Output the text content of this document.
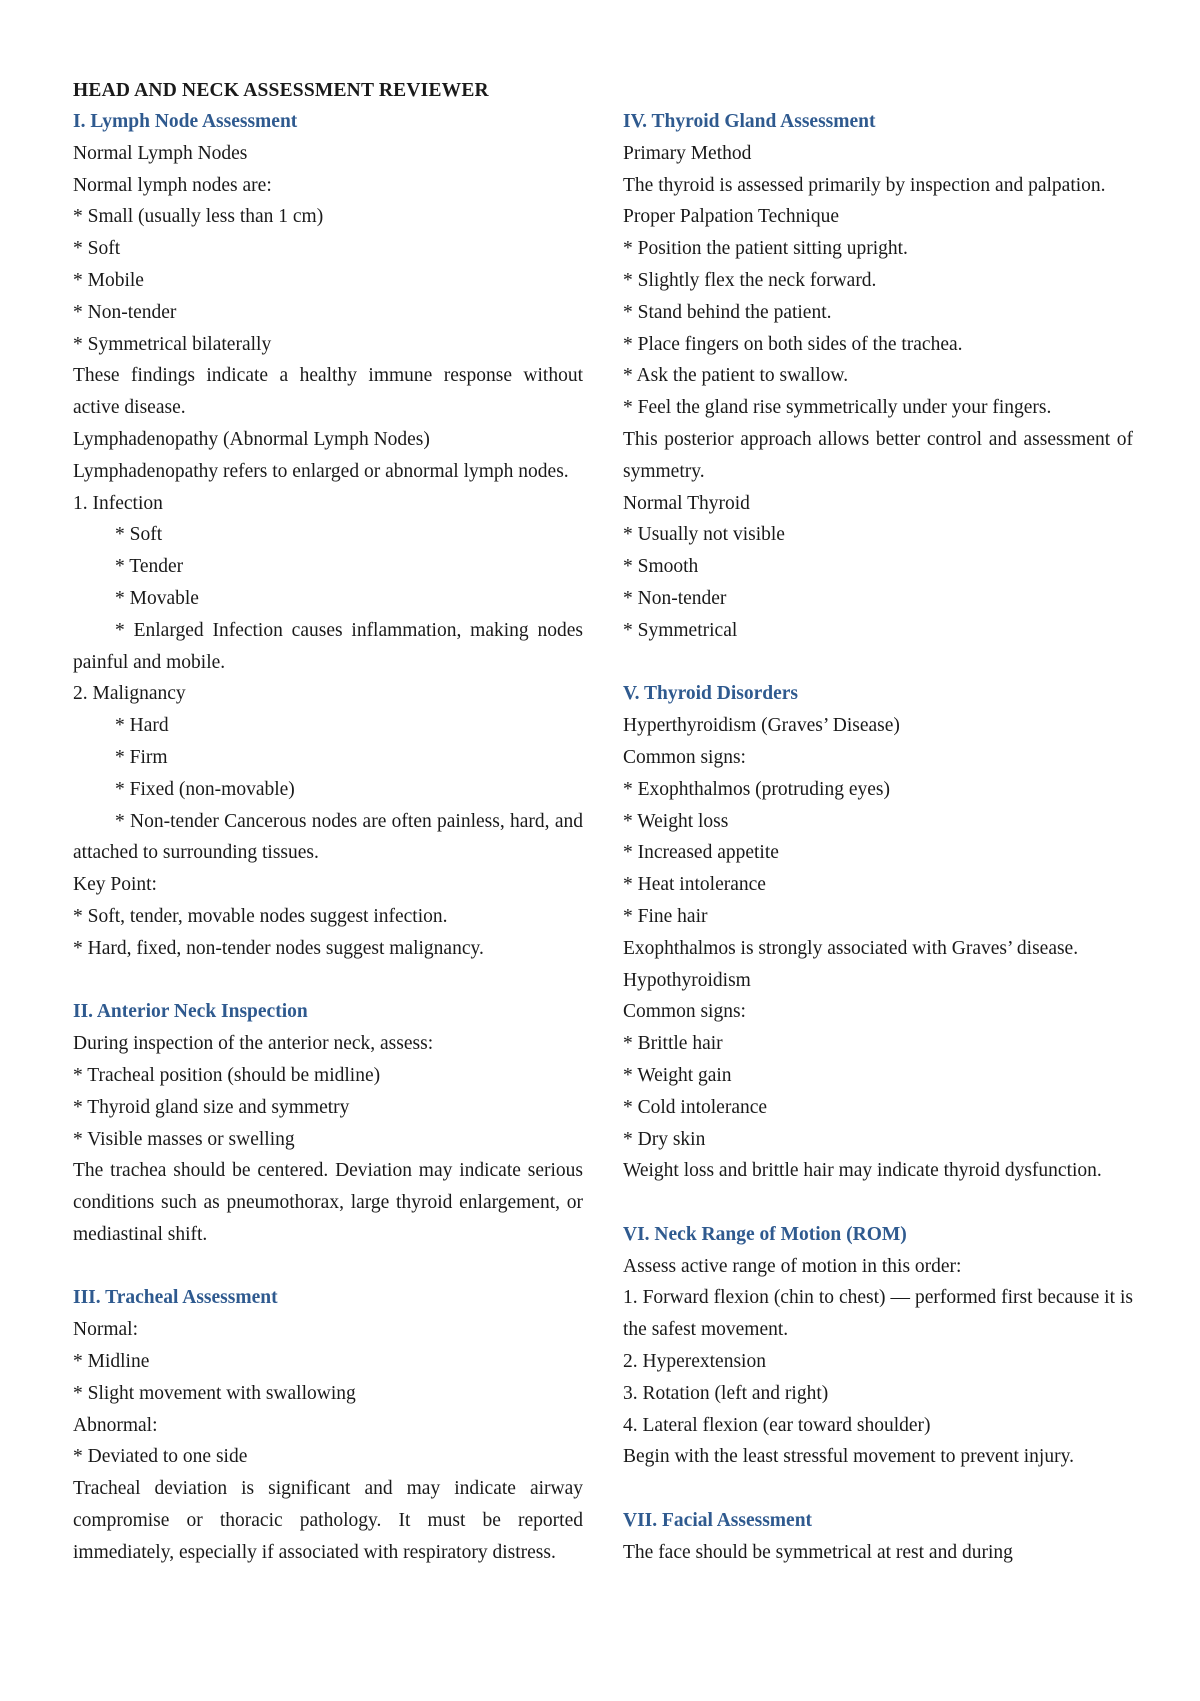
HEAD AND NECK ASSESSMENT REVIEWER

I. Lymph Node Assessment

Normal Lymph Nodes

Normal lymph nodes are:

* Small (usually less than 1 cm)

* Soft

* Mobile

* Non-tender

* Symmetrical bilaterally

These findings indicate a healthy immune response without active disease.

Lymphadenopathy (Abnormal Lymph Nodes)

Lymphadenopathy refers to enlarged or abnormal lymph nodes.

1. Infection

* Soft

* Tender

* Movable

* Enlarged Infection causes inflammation, making nodes painful and mobile.

2. Malignancy

* Hard

* Firm

* Fixed (non-movable)

* Non-tender Cancerous nodes are often painless, hard, and attached to surrounding tissues.

Key Point:

* Soft, tender, movable nodes suggest infection.

* Hard, fixed, non-tender nodes suggest malignancy.

II. Anterior Neck Inspection

During inspection of the anterior neck, assess:

* Tracheal position (should be midline)

* Thyroid gland size and symmetry

* Visible masses or swelling

The trachea should be centered. Deviation may indicate serious conditions such as pneumothorax, large thyroid enlargement, or mediastinal shift.

III. Tracheal Assessment

Normal:

* Midline

* Slight movement with swallowing

Abnormal:

* Deviated to one side

Tracheal deviation is significant and may indicate airway compromise or thoracic pathology. It must be reported immediately, especially if associated with respiratory distress.

IV. Thyroid Gland Assessment

Primary Method

The thyroid is assessed primarily by inspection and palpation.

Proper Palpation Technique

* Position the patient sitting upright.

* Slightly flex the neck forward.

* Stand behind the patient.

* Place fingers on both sides of the trachea.

* Ask the patient to swallow.

* Feel the gland rise symmetrically under your fingers.

This posterior approach allows better control and assessment of symmetry.

Normal Thyroid

* Usually not visible

* Smooth

* Non-tender

* Symmetrical

V. Thyroid Disorders

Hyperthyroidism (Graves’ Disease)

Common signs:

* Exophthalmos (protruding eyes)

* Weight loss

* Increased appetite

* Heat intolerance

* Fine hair

Exophthalmos is strongly associated with Graves’ disease.

Hypothyroidism

Common signs:

* Brittle hair

* Weight gain

* Cold intolerance

* Dry skin

Weight loss and brittle hair may indicate thyroid dysfunction.

VI. Neck Range of Motion (ROM)

Assess active range of motion in this order:

1. Forward flexion (chin to chest) — performed first because it is the safest movement.

2. Hyperextension

3. Rotation (left and right)

4. Lateral flexion (ear toward shoulder)

Begin with the least stressful movement to prevent injury.

VII. Facial Assessment

The face should be symmetrical at rest and during
